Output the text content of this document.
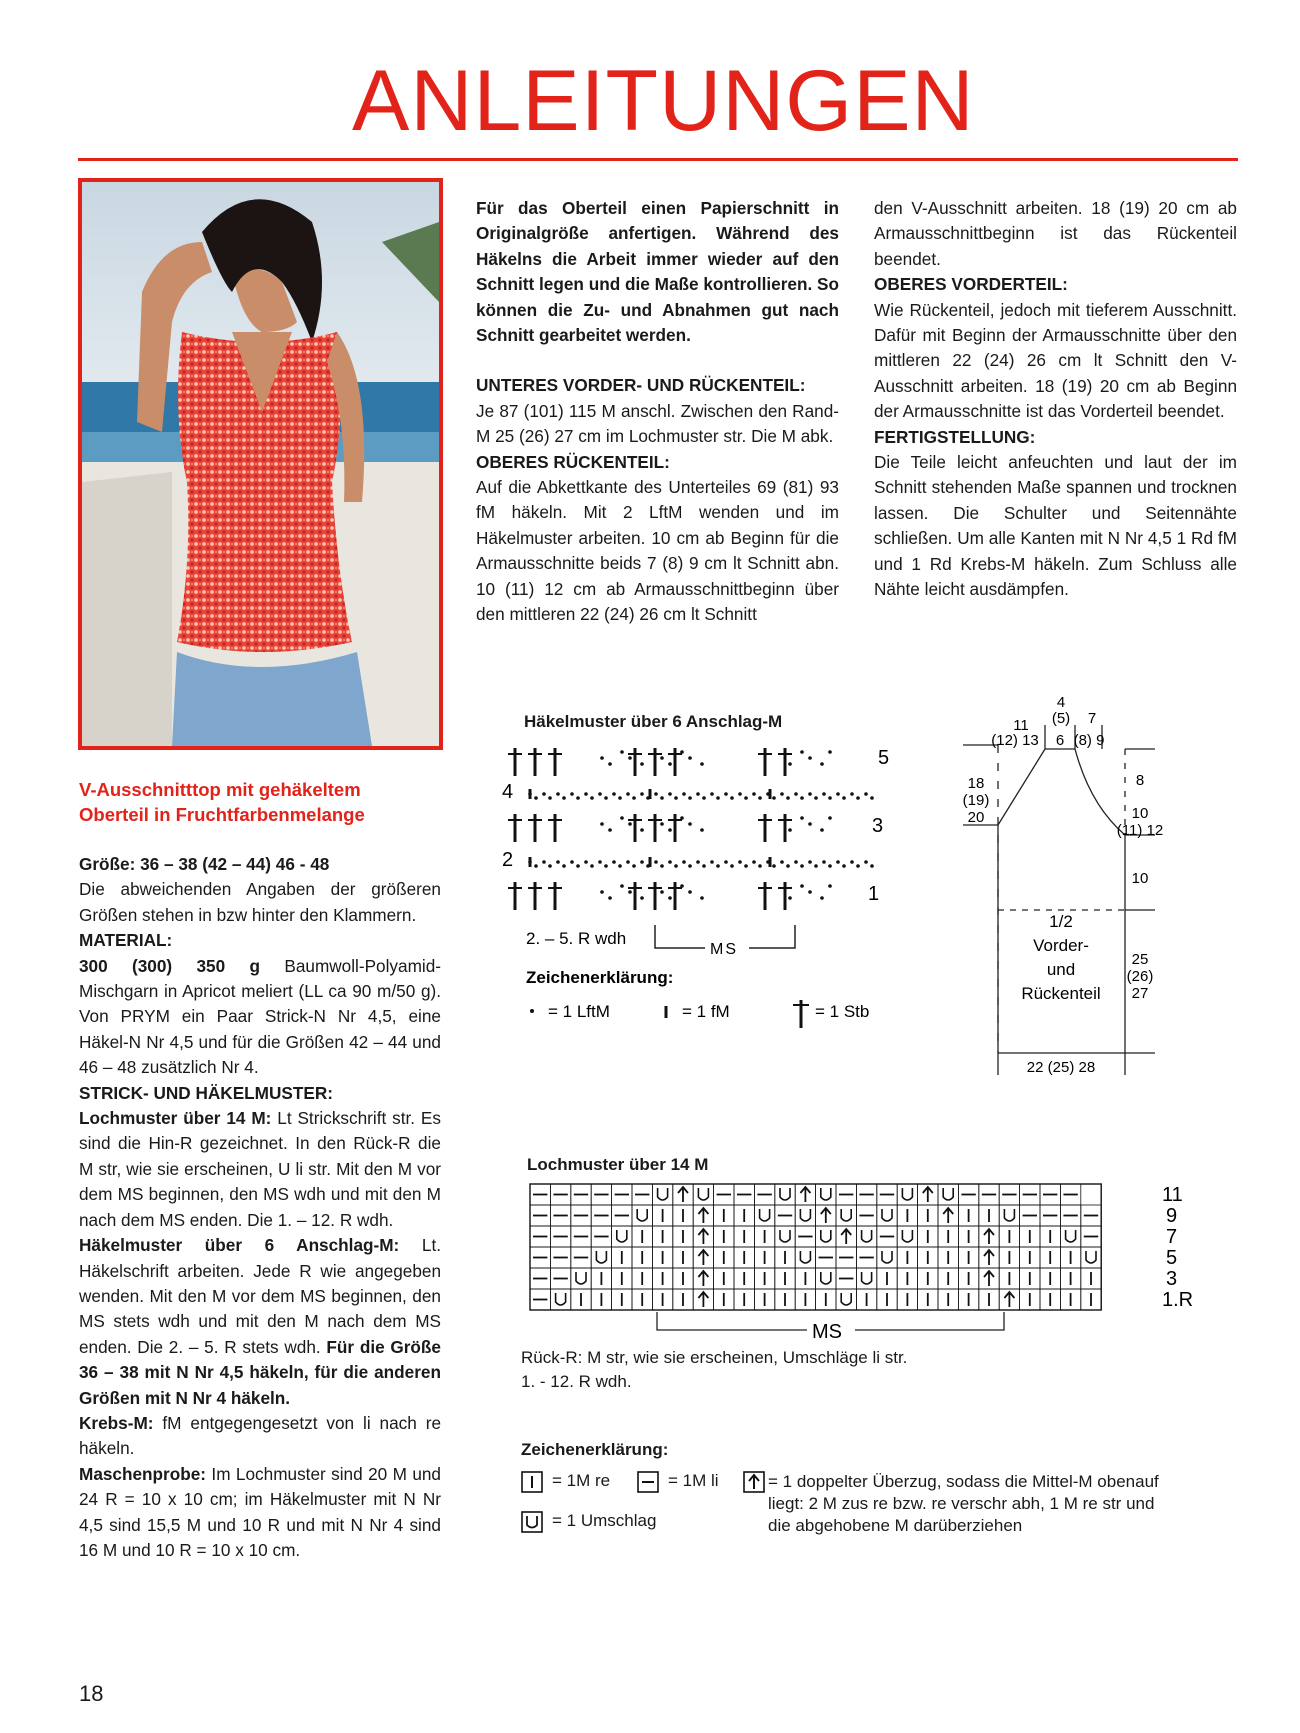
ANLEITUNGEN
V-Ausschnitttop mit gehäkeltem
Oberteil in Fruchtfarbenmelange

Größe: 36 – 38 (42 – 44) 46 - 48

Die abweichenden Angaben der größeren Größen stehen in bzw hinter den Klammern.

MATERIAL:

300 (300) 350 g Baumwoll-Polyamid-Mischgarn in Apricot meliert (LL ca 90 m/50 g). Von PRYM ein Paar Strick-N Nr 4,5, eine Häkel-N Nr 4,5 und für die Größen 42 – 44 und 46 – 48 zusätzlich Nr 4.

STRICK- UND HÄKELMUSTER:

Lochmuster über 14 M: Lt Strickschrift str. Es sind die Hin-R gezeichnet. In den Rück-R die M str, wie sie erscheinen, U li str. Mit den M vor dem MS beginnen, den MS wdh und mit den M nach dem MS enden. Die 1. – 12. R wdh.

Häkelmuster über 6 Anschlag-M: Lt. Häkelschrift arbeiten. Jede R wie angegeben wenden. Mit den M vor dem MS beginnen, den MS stets wdh und mit den M nach dem MS enden. Die 2. – 5. R stets wdh. Für die Größe 36 – 38 mit N Nr 4,5 häkeln, für die anderen Größen mit N Nr 4 häkeln.

Krebs-M: fM entgegengesetzt von li nach re häkeln.

Maschenprobe: Im Lochmuster sind 20 M und 24 R = 10 x 10 cm; im Häkelmuster mit N Nr 4,5 sind 15,5 M und 10 R und mit N Nr 4 sind 16 M und 10 R = 10 x 10 cm.

Für das Oberteil einen Papierschnitt in Originalgröße anfertigen. Während des Häkelns die Arbeit immer wieder auf den Schnitt legen und die Maße kontrollieren. So können die Zu- und Abnahmen gut nach Schnitt gearbeitet werden.

UNTERES VORDER- UND RÜCKENTEIL:

Je 87 (101) 115 M anschl. Zwischen den Rand-M 25 (26) 27 cm im Lochmuster str. Die M abk.

OBERES RÜCKENTEIL:

Auf die Abkettkante des Unterteiles 69 (81) 93 fM häkeln. Mit 2 LftM wenden und im Häkelmuster arbeiten. 10 cm ab Beginn für die Armausschnitte beids 7 (8) 9 cm lt Schnitt abn. 10 (11) 12 cm ab Armausschnittbeginn über den mittleren 22 (24) 26 cm lt Schnitt

den V-Ausschnitt arbeiten. 18 (19) 20 cm ab Armausschnittbeginn ist das Rückenteil beendet.

OBERES VORDERTEIL:

Wie Rückenteil, jedoch mit tieferem Ausschnitt. Dafür mit Beginn der Armausschnitte über den mittleren 22 (24) 26 cm lt Schnitt den V-Ausschnitt arbeiten. 18 (19) 20 cm ab Beginn der Armausschnitte ist das Vorderteil beendet.

FERTIGSTELLUNG:

Die Teile leicht anfeuchten und laut der im Schnitt stehenden Maße spannen und trocknen lassen. Die Schulter und Seitennähte schließen. Um alle Kanten mit N Nr 4,5 1 Rd fM und 1 Rd Krebs-M häkeln. Zum Schluss alle Nähte leicht ausdämpfen.

Häkelmuster über 6 Anschlag-M
5
3
1
4
2
2. – 5. R wdh
MS
Zeichenerklärung:
= 1 LftM	= 1 fM	= 1 Stb
4
(5) 7
11
(12) 13 6 (8) 9
18
(19)
20
8
10
(11) 12
10
25
(26)
27
1/2
Vorder-
und
Rückenteil
22 (25) 28
Lochmuster über 14 M
11
9
7
5
3
1.R
MS
Rück-R: M str, wie sie erscheinen, Umschläge li str.
1. - 12. R wdh.
Zeichenerklärung:
= 1M re	= 1M li
= 1 Umschlag
= 1 doppelter Überzug, sodass die Mittel-M obenauf
liegt: 2 M zus re bzw. re verschr abh, 1 M re str und
die abgehobene M darüberziehen
18
